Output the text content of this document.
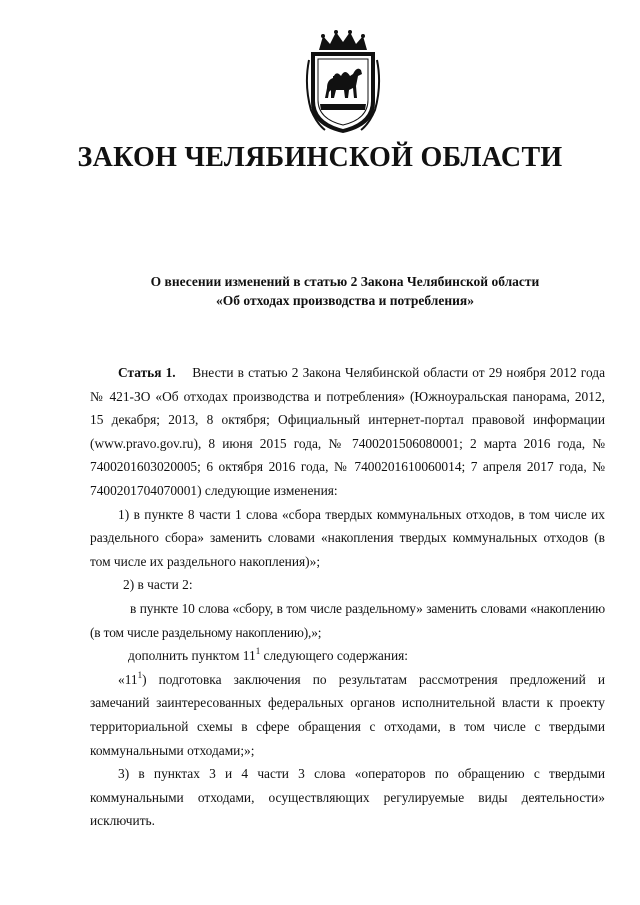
ЗАКОН ЧЕЛЯБИНСКОЙ ОБЛАСТИ
О внесении изменений в статью 2 Закона Челябинской области
«Об отходах производства и потребления»

Статья 1. Внести в статью 2 Закона Челябинской области от 29 ноября 2012 года № 421-ЗО «Об отходах производства и потребления» (Южноуральская панорама, 2012, 15 декабря; 2013, 8 октября; Официальный интернет-портал правовой информации (www.pravo.gov.ru), 8 июня 2015 года, № 7400201506080001; 2 марта 2016 года, № 7400201603020005; 6 октября 2016 года, № 7400201610060014; 7 апреля 2017 года, № 7400201704070001) следующие изменения:

1) в пункте 8 части 1 слова «сбора твердых коммунальных отходов, в том числе их раздельного сбора» заменить словами «накопления твердых коммунальных отходов (в том числе их раздельного накопления)»;

2) в части 2:

в пункте 10 слова «сбору, в том числе раздельному» заменить словами «накоплению (в том числе раздельному накоплению),»;

дополнить пунктом $11^1$ следующего содержания:

«$11^1$) подготовка заключения по результатам рассмотрения предложений и замечаний заинтересованных федеральных органов исполнительной власти к проекту территориальной схемы в сфере обращения с отходами, в том числе с твердыми коммунальными отходами;»;

3) в пунктах 3 и 4 части 3 слова «операторов по обращению с твердыми коммунальными отходами, осуществляющих регулируемые виды деятельности» исключить.
